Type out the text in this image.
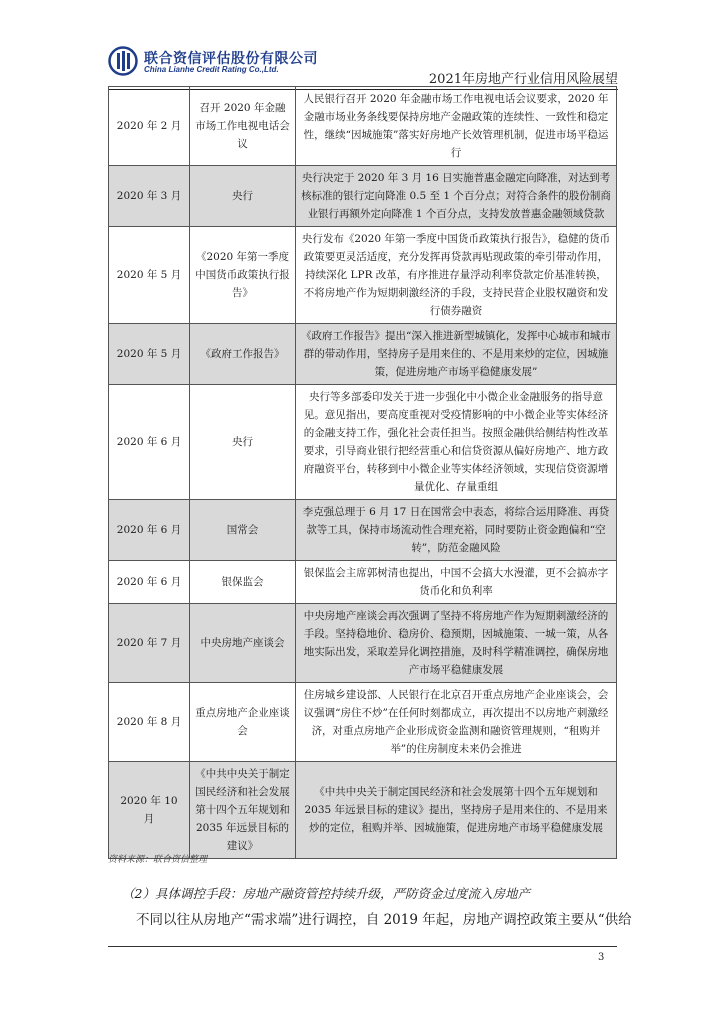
联合资信评估股份有限公司
China Lianhe Credit Rating Co.,Ltd.
2021年房地产行业信用风险展望
2020 年 2 月	召开 2020 年金融市场工作电视电话会议	人民银行召开 2020 年金融市场工作电视电话会议要求，2020 年金融市场业务条线要保持房地产金融政策的连续性、一致性和稳定性，继续“因城施策”落实好房地产长效管理机制，促进市场平稳运行
2020 年 3 月	央行	央行决定于 2020 年 3 月 16 日实施普惠金融定向降准，对达到考核标准的银行定向降准 0.5 至 1 个百分点；对符合条件的股份制商业银行再额外定向降准 1 个百分点，支持发放普惠金融领域贷款
2020 年 5 月	《2020 年第一季度中国货币政策执行报告》	央行发布《2020 年第一季度中国货币政策执行报告》，稳健的货币政策要更灵活适度，充分发挥再贷款再贴现政策的牵引带动作用，持续深化 LPR 改革，有序推进存量浮动利率贷款定价基准转换，不将房地产作为短期刺激经济的手段，支持民营企业股权融资和发行债券融资
2020 年 5 月	《政府工作报告》	《政府工作报告》提出“深入推进新型城镇化，发挥中心城市和城市群的带动作用，坚持房子是用来住的、不是用来炒的定位，因城施策，促进房地产市场平稳健康发展”
2020 年 6 月	央行	央行等多部委印发关于进一步强化中小微企业金融服务的指导意见。意见指出，要高度重视对受疫情影响的中小微企业等实体经济的金融支持工作，强化社会责任担当。按照金融供给侧结构性改革要求，引导商业银行把经营重心和信贷资源从偏好房地产、地方政府融资平台，转移到中小微企业等实体经济领域，实现信贷资源增量优化、存量重组
2020 年 6 月	国常会	李克强总理于 6 月 17 日在国常会中表态，将综合运用降准、再贷款等工具，保持市场流动性合理充裕，同时要防止资金跑偏和“空转”，防范金融风险
2020 年 6 月	银保监会	银保监会主席郭树清也提出，中国不会搞大水漫灌，更不会搞赤字货币化和负利率
2020 年 7 月	中央房地产座谈会	中央房地产座谈会再次强调了坚持不将房地产作为短期刺激经济的手段。坚持稳地价、稳房价、稳预期，因城施策、一城一策，从各地实际出发，采取差异化调控措施，及时科学精准调控，确保房地产市场平稳健康发展
2020 年 8 月	重点房地产企业座谈会	住房城乡建设部、人民银行在北京召开重点房地产企业座谈会，会议强调“房住不炒”在任何时刻都成立，再次提出不以房地产刺激经济，对重点房地产企业形成资金监测和融资管理规则，“租购并举”的住房制度未来仍会推进
2020 年 10 月	《中共中央关于制定国民经济和社会发展第十四个五年规划和 2035 年远景目标的建议》	《中共中央关于制定国民经济和社会发展第十四个五年规划和 2035 年远景目标的建议》提出，坚持房子是用来住的、不是用来炒的定位，租购并举、因城施策，促进房地产市场平稳健康发展
资料来源：联合资信整理
（2）具体调控手段：房地产融资管控持续升级，严防资金过度流入房地产
不同以往从房地产“需求端”进行调控，自 2019 年起，房地产调控政策主要从“供给
3
